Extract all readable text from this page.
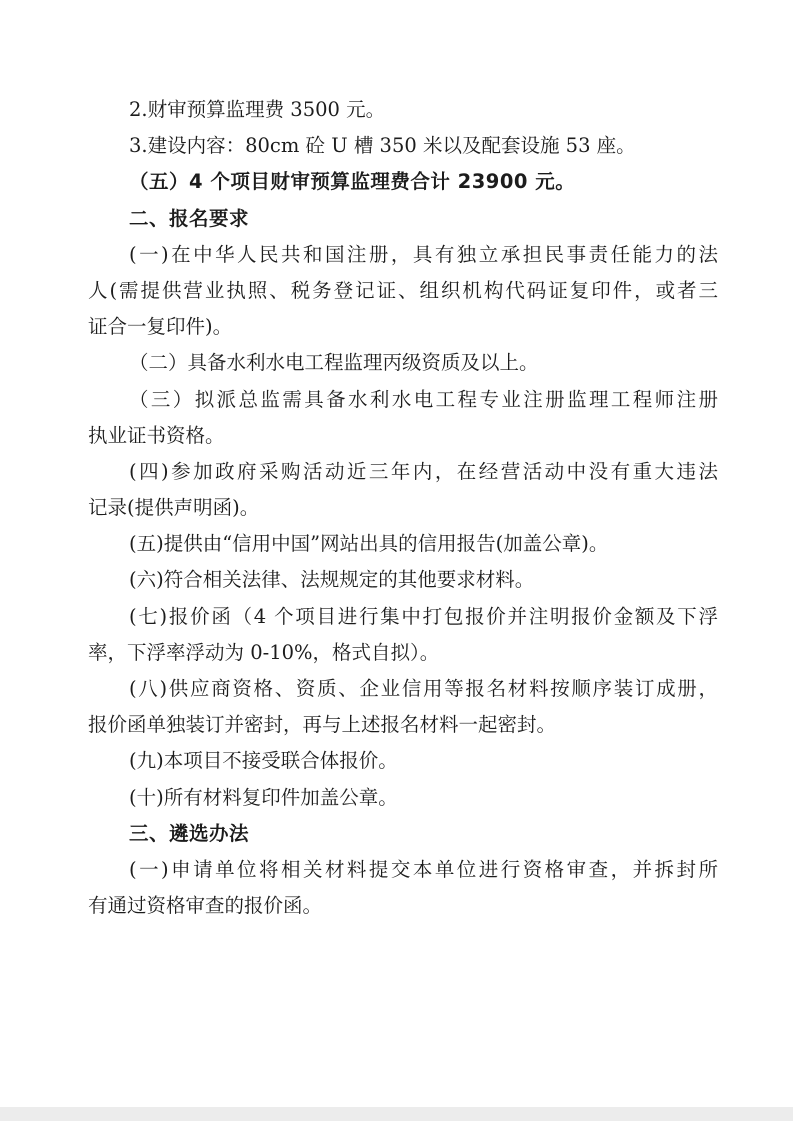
2.财审预算监理费 3500 元。
3.建设内容：80cm 砼 U 槽 350 米以及配套设施 53 座。
（五）4 个项目财审预算监理费合计 23900 元。
二、报名要求
(一)在中华人民共和国注册，具有独立承担民事责任能力的法
人(需提供营业执照、税务登记证、组织机构代码证复印件，或者三
证合一复印件)。
（二）具备水利水电工程监理丙级资质及以上。
（三）拟派总监需具备水利水电工程专业注册监理工程师注册
执业证书资格。
(四)参加政府采购活动近三年内，在经营活动中没有重大违法
记录(提供声明函)。
(五)提供由“信用中国”网站出具的信用报告(加盖公章)。
(六)符合相关法律、法规规定的其他要求材料。
(七)报价函（4 个项目进行集中打包报价并注明报价金额及下浮
率，下浮率浮动为 0-10%，格式自拟）。
(八)供应商资格、资质、企业信用等报名材料按顺序装订成册，
报价函单独装订并密封，再与上述报名材料一起密封。
(九)本项目不接受联合体报价。
(十)所有材料复印件加盖公章。
三、遴选办法
(一)申请单位将相关材料提交本单位进行资格审查，并拆封所
有通过资格审查的报价函。
